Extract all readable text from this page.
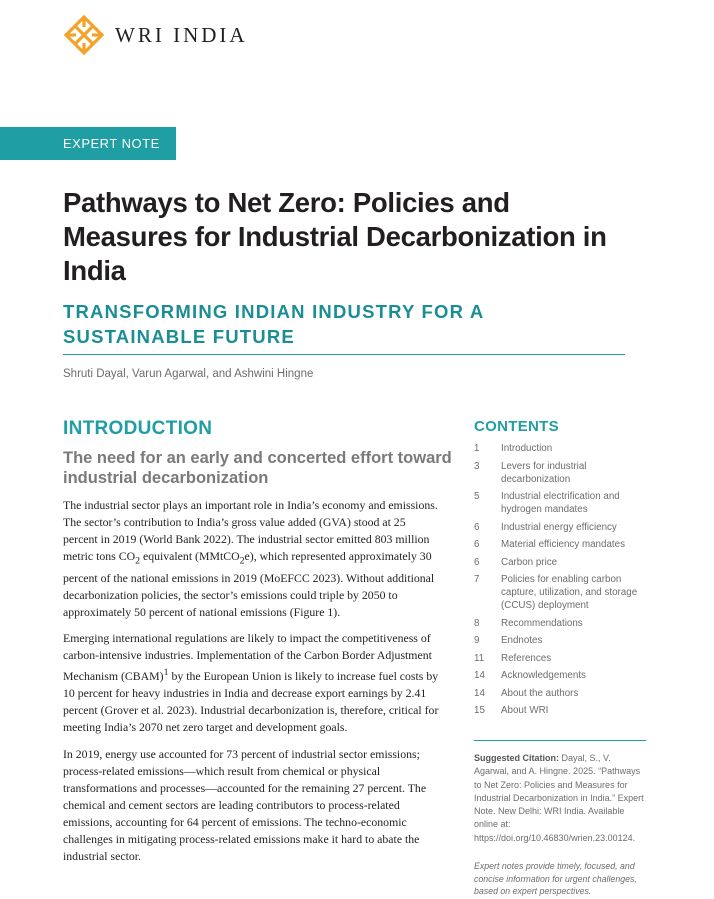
WRI INDIA
EXPERT NOTE
Pathways to Net Zero: Policies and Measures for Industrial Decarbonization in India
TRANSFORMING INDIAN INDUSTRY FOR A SUSTAINABLE FUTURE
Shruti Dayal, Varun Agarwal, and Ashwini Hingne
INTRODUCTION
The need for an early and concerted effort toward industrial decarbonization

The industrial sector plays an important role in India’s economy and emissions. The sector’s contribution to India’s gross value added (GVA) stood at 25 percent in 2019 (World Bank 2022). The industrial sector emitted 803 million metric tons $CO_2$ equivalent (MMtCO$_2$e), which represented approximately 30 percent of the national emissions in 2019 (MoEFCC 2023). Without additional decarbonization policies, the sector’s emissions could triple by 2050 to approximately 50 percent of national emissions (Figure 1).

Emerging international regulations are likely to impact the competitiveness of carbon-intensive industries. Implementation of the Carbon Border Adjustment Mechanism (CBAM)$^1$ by the European Union is likely to increase fuel costs by 10 percent for heavy industries in India and decrease export earnings by 2.41 percent (Grover et al. 2023). Industrial decarbonization is, therefore, critical for meeting India’s 2070 net zero target and development goals.

In 2019, energy use accounted for 73 percent of industrial sector emissions; process-related emissions—which result from chemical or physical transformations and processes—accounted for the remaining 27 percent. The chemical and cement sectors are leading contributors to process-related emissions, accounting for 64 percent of emissions. The techno-economic challenges in mitigating process-related emissions make it hard to abate the industrial sector.

CONTENTS
1	Introduction
3	Levers for industrial decarbonization
5	Industrial electrification and hydrogen mandates
6	Industrial energy efficiency
6	Material efficiency mandates
6	Carbon price
7	Policies for enabling carbon capture, utilization, and storage (CCUS) deployment
8	Recommendations
9	Endnotes
11	References
14	Acknowledgements
14	About the authors
15	About WRI
Suggested Citation: Dayal, S., V. Agarwal, and A. Hingne. 2025. “Pathways to Net Zero: Policies and Measures for Industrial Decarbonization in India.” Expert Note. New Delhi: WRI India. Available online at: https://doi.org/10.46830/wrien.23.00124.
Expert notes provide timely, focused, and concise information for urgent challenges, based on expert perspectives.
